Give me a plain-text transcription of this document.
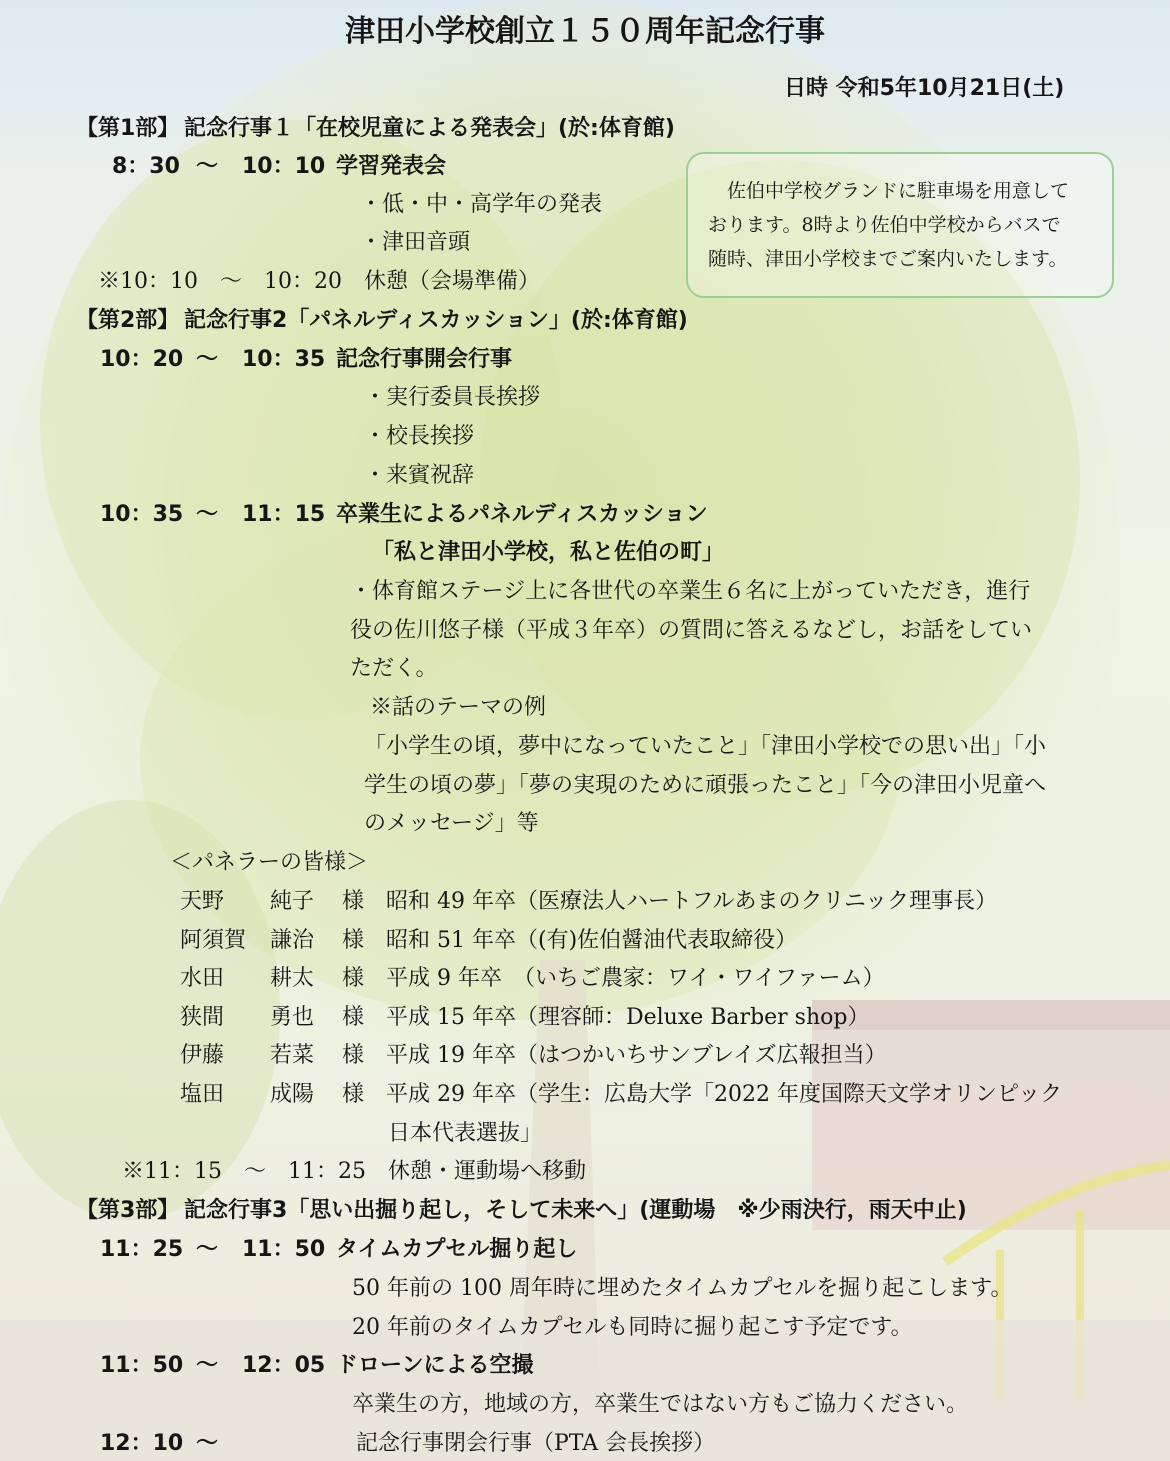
津田小学校創立１５０周年記念行事
日時 令和5年10月21日(土)
　佐伯中学校グランドに駐車場を用意して
おります。8時より佐伯中学校からバスで
随時、津田小学校までご案内いたします。
【第1部】 記念行事１「在校児童による発表会」(於:体育館)
8：30 ～ 10：10 学習発表会
・低・中・高学年の発表
・津田音頭
※10：10　～　10：20　休憩（会場準備）
【第2部】 記念行事2「パネルディスカッション」(於:体育館)
10：20 ～ 10：35 記念行事開会行事
・実行委員長挨拶
・校長挨拶
・来賓祝辞
10：35 ～ 11：15 卒業生によるパネルディスカッション
「私と津田小学校，私と佐伯の町」
・体育館ステージ上に各世代の卒業生６名に上がっていただき，進行
役の佐川悠子様（平成３年卒）の質問に答えるなどし，お話をしてい
ただく。
※話のテーマの例
「小学生の頃，夢中になっていたこと」「津田小学校での思い出」「小
学生の頃の夢」「夢の実現のために頑張ったこと」「今の津田小児童へ
のメッセージ」等
＜パネラーの皆様＞
天野 純子 様 昭和 49 年卒（医療法人ハートフルあまのクリニック理事長）
阿須賀 謙治 様 昭和 51 年卒（(有)佐伯醤油代表取締役）
水田 耕太 様 平成 9 年卒　（いちご農家：ワイ・ワイファーム）
狭間 勇也 様 平成 15 年卒（理容師：Deluxe Barber shop）
伊藤 若菜 様 平成 19 年卒（はつかいちサンブレイズ広報担当）
塩田 成陽 様 平成 29 年卒（学生：広島大学「2022 年度国際天文学オリンピック
日本代表選抜」
※11：15　～　11：25　休憩・運動場へ移動
【第3部】 記念行事3「思い出掘り起し，そして未来へ」(運動場　※少雨決行，雨天中止)
11：25 ～ 11：50 タイムカプセル掘り起し
50 年前の 100 周年時に埋めたタイムカプセルを掘り起こします。
20 年前のタイムカプセルも同時に掘り起こす予定です。
11：50 ～ 12：05 ドローンによる空撮
卒業生の方，地域の方，卒業生ではない方もご協力ください。
12：10 ～	記念行事閉会行事（PTA 会長挨拶）
